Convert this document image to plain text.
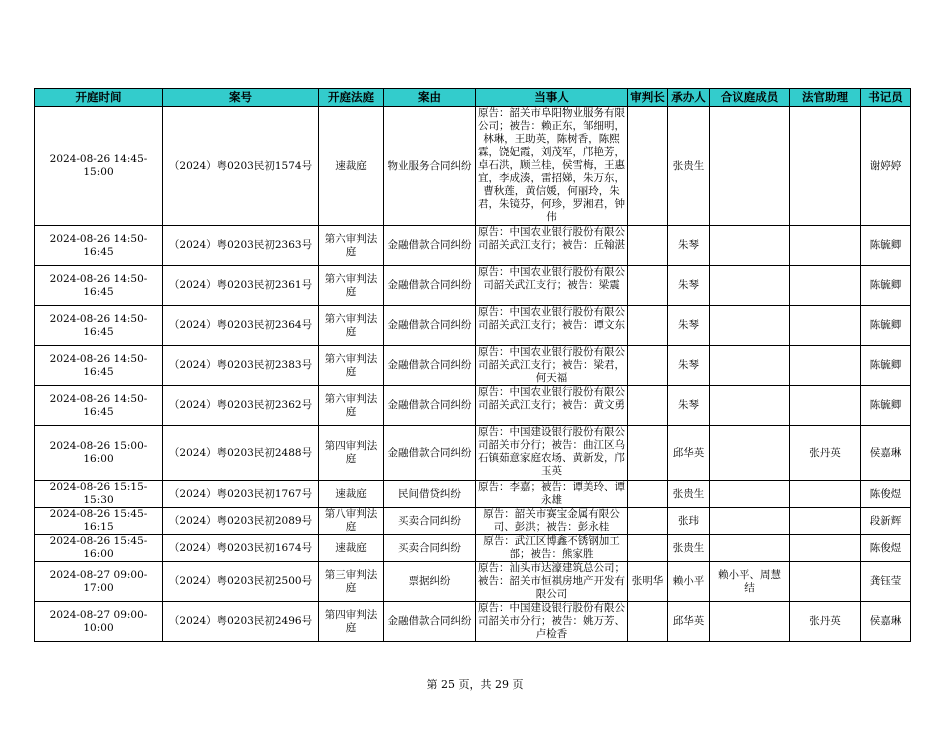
开庭时间	案号	开庭法庭	案由	当事人	审判长	承办人	合议庭成员	法官助理	书记员
2024-08-26 14:45-15:00	（2024）粤0203民初1574号	速裁庭	物业服务合同纠纷	原告：韶关市阜阳物业服务有限公司；被告：赖正东，邹细明，林琳，王助英，陈树香，陈熙霖，饶妃霞，刘茂军，邝艳芳，卓石洪，顾兰桂，侯雪梅，王惠宜，李成湊，雷招娣，朱万东，曹秋莲，黄信媛，何丽玲，朱君，朱镜芬，何珍，罗湘君，钟伟		张贵生			谢婷婷
2024-08-26 14:50-16:45	（2024）粤0203民初2363号	第六审判法庭	金融借款合同纠纷	原告：中国农业银行股份有限公司韶关武江支行；被告：丘翰湛		朱琴			陈毓卿
2024-08-26 14:50-16:45	（2024）粤0203民初2361号	第六审判法庭	金融借款合同纠纷	原告：中国农业银行股份有限公司韶关武江支行；被告：梁震		朱琴			陈毓卿
2024-08-26 14:50-16:45	（2024）粤0203民初2364号	第六审判法庭	金融借款合同纠纷	原告：中国农业银行股份有限公司韶关武江支行；被告：谭文东		朱琴			陈毓卿
2024-08-26 14:50-16:45	（2024）粤0203民初2383号	第六审判法庭	金融借款合同纠纷	原告：中国农业银行股份有限公司韶关武江支行；被告：梁君，何天福		朱琴			陈毓卿
2024-08-26 14:50-16:45	（2024）粤0203民初2362号	第六审判法庭	金融借款合同纠纷	原告：中国农业银行股份有限公司韶关武江支行；被告：黄文勇		朱琴			陈毓卿
2024-08-26 15:00-16:00	（2024）粤0203民初2488号	第四审判法庭	金融借款合同纠纷	原告：中国建设银行股份有限公司韶关市分行；被告：曲江区乌石镇茹意家庭农场、黄新发，邝玉英		邱华英		张丹英	侯嘉琳
2024-08-26 15:15-15:30	（2024）粤0203民初1767号	速裁庭	民间借贷纠纷	原告：李嘉；被告：谭美玲、谭永雄		张贵生			陈俊煜
2024-08-26 15:45-16:15	（2024）粤0203民初2089号	第八审判法庭	买卖合同纠纷	原告：韶关市赛宝金属有限公司、彭洪；被告：彭永桂		张玮			段新辉
2024-08-26 15:45-16:00	（2024）粤0203民初1674号	速裁庭	买卖合同纠纷	原告：武江区博鑫不锈钢加工部；被告：熊家胜		张贵生			陈俊煜
2024-08-27 09:00-17:00	（2024）粤0203民初2500号	第三审判法庭	票据纠纷	原告：汕头市达濠建筑总公司；被告：韶关市恒祺房地产开发有限公司	张明华	赖小平	赖小平、周慧结		龚钰莹
2024-08-27 09:00-10:00	（2024）粤0203民初2496号	第四审判法庭	金融借款合同纠纷	原告：中国建设银行股份有限公司韶关市分行；被告：姚万芳、卢检香		邱华英		张丹英	侯嘉琳
第 25 页，共 29 页
